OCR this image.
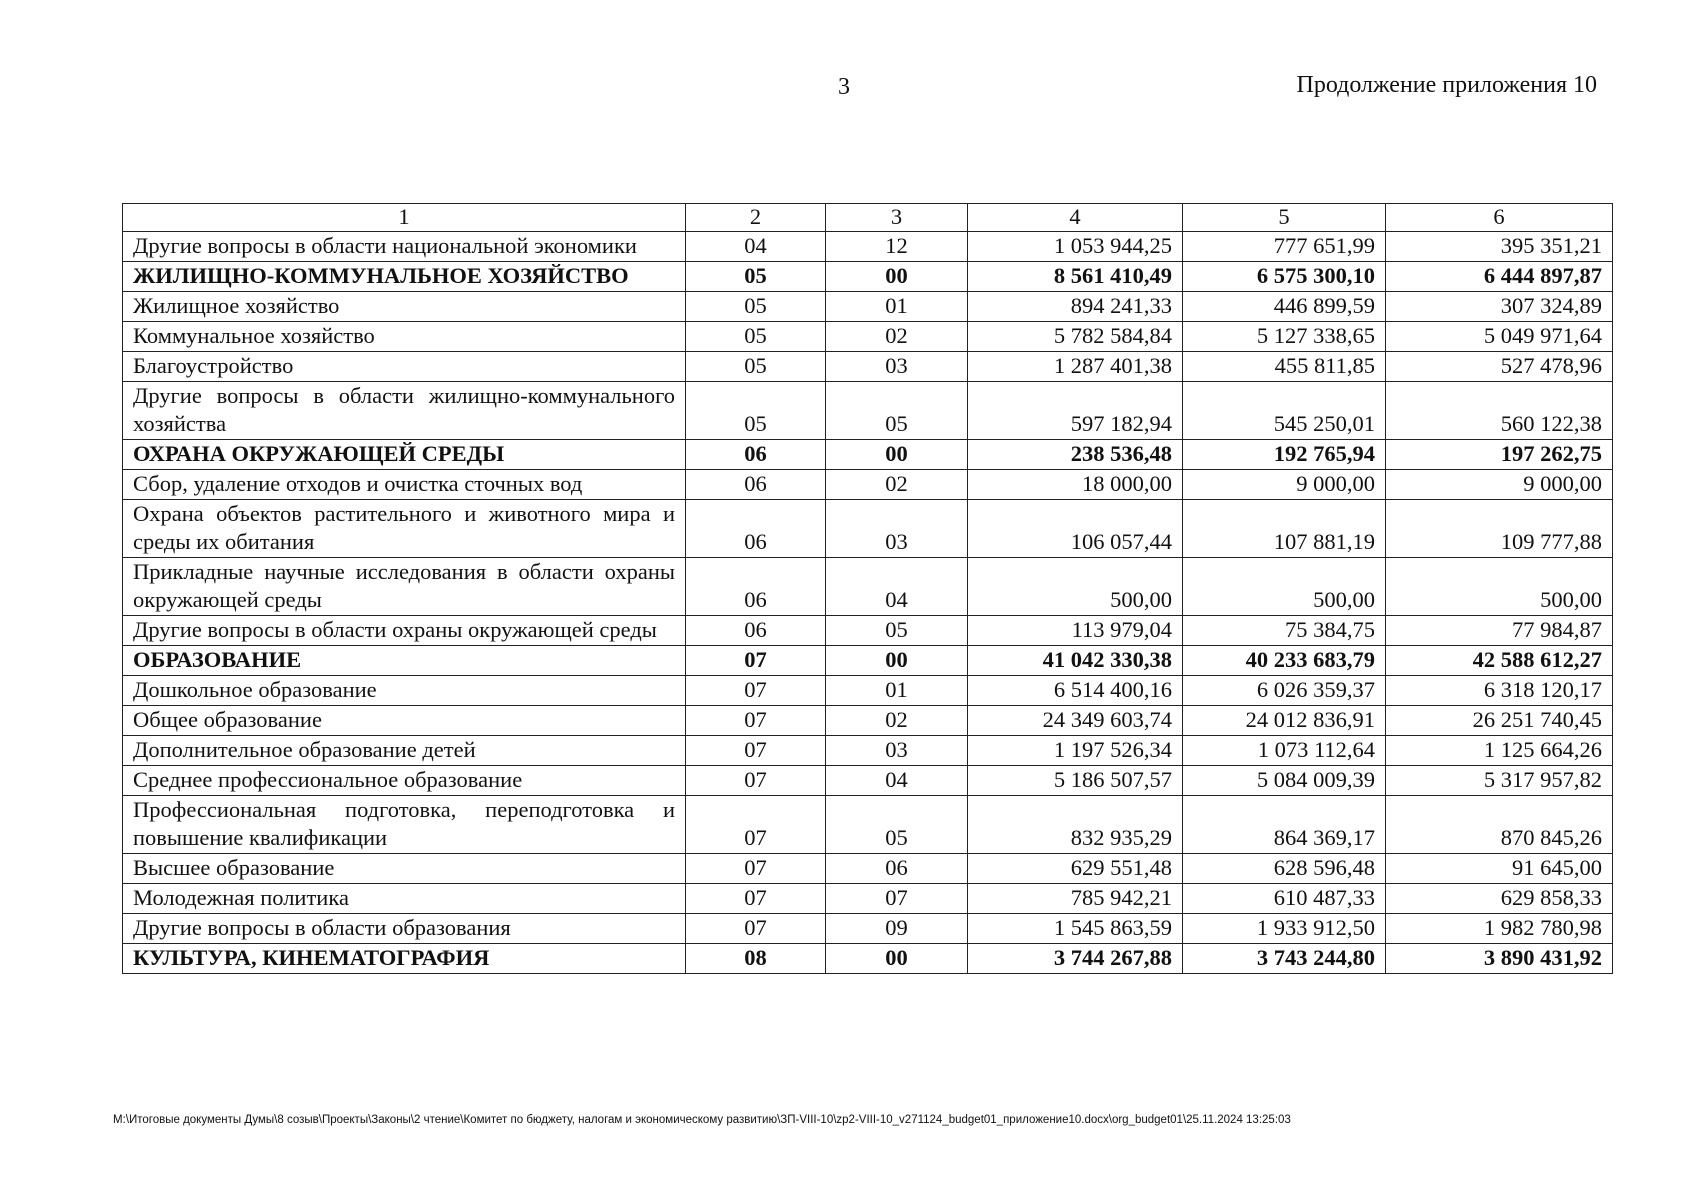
3	Продолжение приложения 10
1	2	3	4	5	6
Другие вопросы в области национальной экономики	04	12	1 053 944,25	777 651,99	395 351,21
ЖИЛИЩНО-КОММУНАЛЬНОЕ ХОЗЯЙСТВО	05	00	8 561 410,49	6 575 300,10	6 444 897,87
Жилищное хозяйство	05	01	894 241,33	446 899,59	307 324,89
Коммунальное хозяйство	05	02	5 782 584,84	5 127 338,65	5 049 971,64
Благоустройство	05	03	1 287 401,38	455 811,85	527 478,96
Другие вопросы в области жилищно-коммунального хозяйства	05	05	597 182,94	545 250,01	560 122,38
ОХРАНА ОКРУЖАЮЩЕЙ СРЕДЫ	06	00	238 536,48	192 765,94	197 262,75
Сбор, удаление отходов и очистка сточных вод	06	02	18 000,00	9 000,00	9 000,00
Охрана объектов растительного и животного мира и среды их обитания	06	03	106 057,44	107 881,19	109 777,88
Прикладные научные исследования в области охраны окружающей среды	06	04	500,00	500,00	500,00
Другие вопросы в области охраны окружающей среды	06	05	113 979,04	75 384,75	77 984,87
ОБРАЗОВАНИЕ	07	00	41 042 330,38	40 233 683,79	42 588 612,27
Дошкольное образование	07	01	6 514 400,16	6 026 359,37	6 318 120,17
Общее образование	07	02	24 349 603,74	24 012 836,91	26 251 740,45
Дополнительное образование детей	07	03	1 197 526,34	1 073 112,64	1 125 664,26
Среднее профессиональное образование	07	04	5 186 507,57	5 084 009,39	5 317 957,82
Профессиональная подготовка, переподготовка и повышение квалификации	07	05	832 935,29	864 369,17	870 845,26
Высшее образование	07	06	629 551,48	628 596,48	91 645,00
Молодежная политика	07	07	785 942,21	610 487,33	629 858,33
Другие вопросы в области образования	07	09	1 545 863,59	1 933 912,50	1 982 780,98
КУЛЬТУРА, КИНЕМАТОГРАФИЯ	08	00	3 744 267,88	3 743 244,80	3 890 431,92
M:\Итоговые документы Думы\8 созыв\Проекты\Законы\2 чтение\Комитет по бюджету, налогам и экономическому развитию\ЗП-VIII-10\zp2-VIII-10_v271124_budget01_приложение10.docx\org_budget01\25.11.2024 13:25:03
